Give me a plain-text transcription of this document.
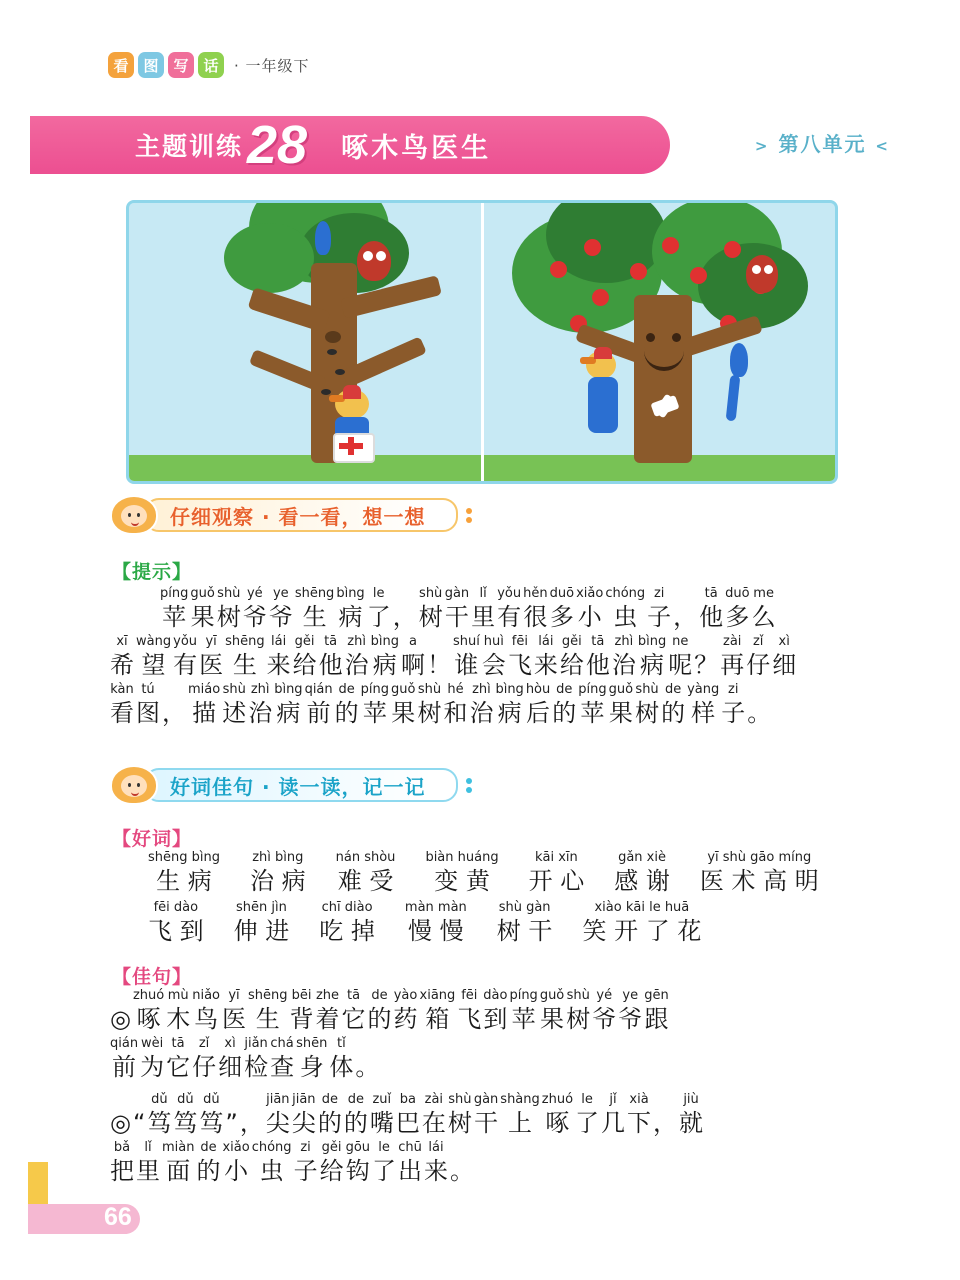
看 图 写 话	· 一年级下
主题训练 28 啄木鸟医生	> 第八单元 <
仔细观察 · 看一看，想一想
【提示】

píng
苹
guǒ
果
shù
树
yé
爷
ye
爷
shēng
生
bìng
病
le
了
，
shù
树
gàn
干
lǐ
里
yǒu
有
hěn
很
duō
多
xiǎo
小
chóng
虫
zi
子
，
tā
他
duō
多
me
么
xī
希
wàng
望
yǒu
有
yī
医
shēng
生
lái
来
gěi
给
tā
他
zhì
治
bìng
病
a
啊
！
shuí
谁
huì
会
fēi
飞
lái
来
gěi
给
tā
他
zhì
治
bìng
病
ne
呢
？
zài
再
zǐ
仔
xì
细
kàn
看
tú
图
，
miáo
描
shù
述
zhì
治
bìng
病
qián
前
de
的
píng
苹
guǒ
果
shù
树
hé
和
zhì
治
bìng
病
hòu
后
de
的
píng
苹
guǒ
果
shù
树
de
的
yàng
样
zi
子
。
好词佳句 · 读一读，记一记
【好词】
shēng bìng
生 病
zhì bìng
治 病
nán shòu
难 受
biàn huáng
变 黄
kāi xīn
开 心
gǎn xiè
感 谢
yī shù gāo míng
医 术 高 明
fēi dào
飞 到
shēn jìn
伸 进
chī diào
吃 掉
màn màn
慢 慢
shù gàn
树 干
xiào kāi le huā
笑 开 了 花
【佳句】

◎
zhuó
啄
mù
木
niǎo
鸟
yī
医
shēng
生
bēi
背
zhe
着
tā
它
de
的
yào
药
xiāng
箱
fēi
飞
dào
到
píng
苹
guǒ
果
shù
树
yé
爷
ye
爷
gēn
跟
qián
前
wèi
为
tā
它
zǐ
仔
xì
细
jiǎn
检
chá
查
shēn
身
tǐ
体
。

◎
“
dǔ
笃
dǔ
笃
dǔ
笃
”
，
jiān
尖
jiān
尖
de
的
de
的
zuǐ
嘴
ba
巴
zài
在
shù
树
gàn
干
shàng
上
zhuó
啄
le
了
jǐ
几
xià
下
，
jiù
就
bǎ
把
lǐ
里
miàn
面
de
的
xiǎo
小
chóng
虫
zi
子
gěi
给
gōu
钩
le
了
chū
出
lái
来
。
66
